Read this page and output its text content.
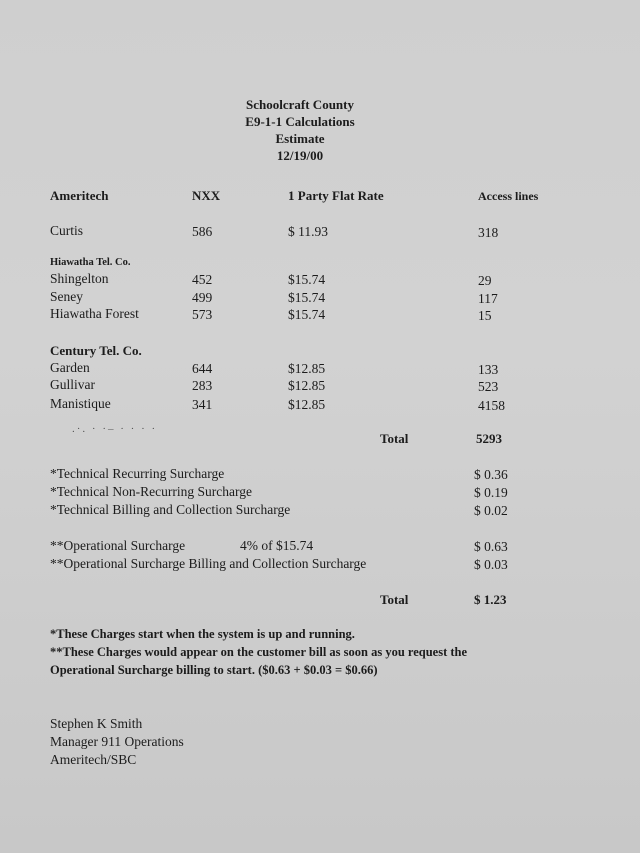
Schoolcraft County
E9-1-1 Calculations
Estimate
12/19/00
Ameritech	NXX	1 Party Flat Rate	Access lines
Curtis	586	$ 11.93	318
Hiawatha Tel. Co.
Shingelton	452	$15.74	29
Seney	499	$15.74	117
Hiawatha Forest	573	$15.74	15
Century Tel. Co.
Garden	644	$12.85	133
Gullivar	283	$12.85	523
Manistique	341	$12.85	4158
.·. · ·– · · · ·
Total	5293
*Technical Recurring Surcharge	$ 0.36
*Technical Non-Recurring Surcharge	$ 0.19
*Technical Billing and Collection Surcharge	$ 0.02
**Operational Surcharge	4% of $15.74	$ 0.63
**Operational Surcharge Billing and Collection Surcharge	$ 0.03
Total	$ 1.23
*These Charges start when the system is up and running.
**These Charges would appear on the customer bill as soon as you request the
Operational Surcharge billing to start. ($0.63 + $0.03 = $0.66)
Stephen K Smith
Manager 911 Operations
Ameritech/SBC
